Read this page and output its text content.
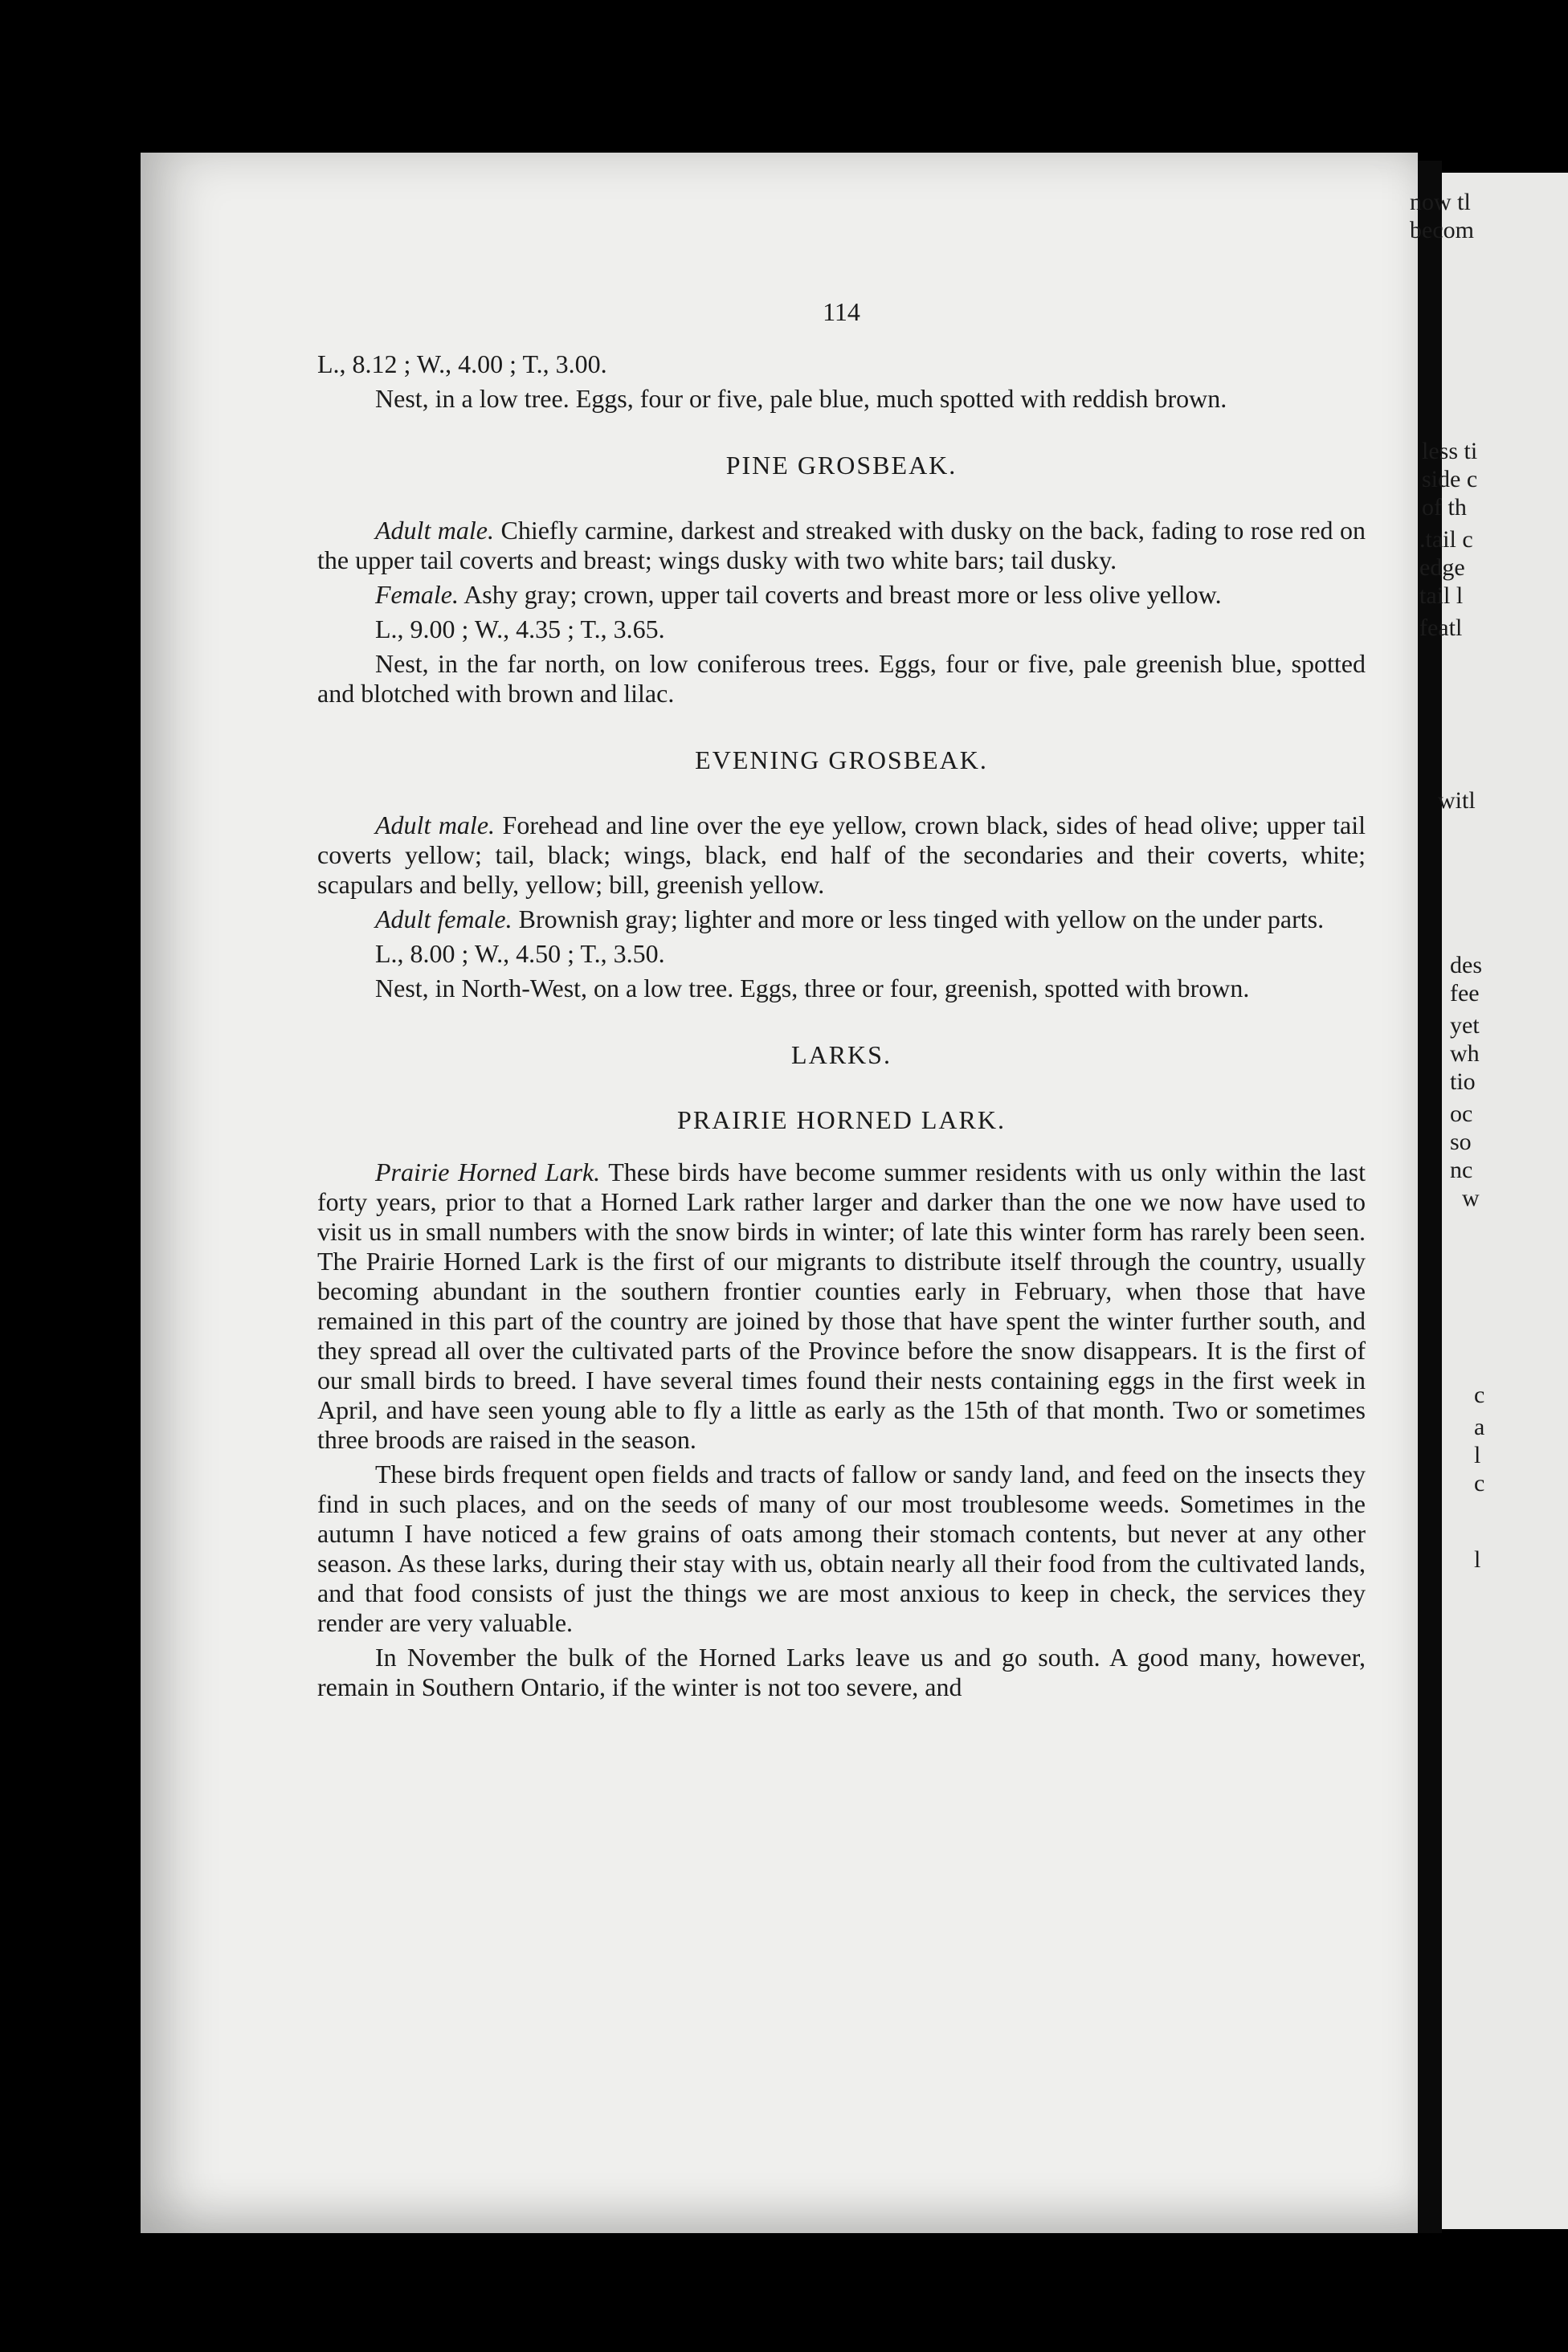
now tl
becom
less ti
side c
of th
.tail c
edge
tail l
featl
witl
des
fee
yet
wh
tio
oc
so
nc
w
c
a
l
c
l
114

L., 8.12 ; W., 4.00 ; T., 3.00.

Nest, in a low tree. Eggs, four or five, pale blue, much spotted with reddish brown.

PINE GROSBEAK.

Adult male. Chiefly carmine, darkest and streaked with dusky on the back, fading to rose red on the upper tail coverts and breast; wings dusky with two white bars; tail dusky.

Female. Ashy gray; crown, upper tail coverts and breast more or less olive yellow.

L., 9.00 ; W., 4.35 ; T., 3.65.

Nest, in the far north, on low coniferous trees. Eggs, four or five, pale greenish blue, spotted and blotched with brown and lilac.

EVENING GROSBEAK.

Adult male. Forehead and line over the eye yellow, crown black, sides of head olive; upper tail coverts yellow; tail, black; wings, black, end half of the secondaries and their coverts, white; scapulars and belly, yellow; bill, greenish yellow.

Adult female. Brownish gray; lighter and more or less tinged with yellow on the under parts.

L., 8.00 ; W., 4.50 ; T., 3.50.

Nest, in North-West, on a low tree. Eggs, three or four, greenish, spotted with brown.

LARKS.
PRAIRIE HORNED LARK.

Prairie Horned Lark. These birds have become summer residents with us only within the last forty years, prior to that a Horned Lark rather larger and darker than the one we now have used to visit us in small numbers with the snow birds in winter; of late this winter form has rarely been seen. The Prairie Horned Lark is the first of our migrants to distribute itself through the country, usually becoming abundant in the southern frontier counties early in February, when those that have remained in this part of the country are joined by those that have spent the winter further south, and they spread all over the cultivated parts of the Province before the snow disappears. It is the first of our small birds to breed. I have several times found their nests containing eggs in the first week in April, and have seen young able to fly a little as early as the 15th of that month. Two or sometimes three broods are raised in the season.

These birds frequent open fields and tracts of fallow or sandy land, and feed on the insects they find in such places, and on the seeds of many of our most troublesome weeds. Sometimes in the autumn I have noticed a few grains of oats among their stomach contents, but never at any other season. As these larks, during their stay with us, obtain nearly all their food from the cultivated lands, and that food consists of just the things we are most anxious to keep in check, the services they render are very valuable.

In November the bulk of the Horned Larks leave us and go south. A good many, however, remain in Southern Ontario, if the winter is not too severe, and
